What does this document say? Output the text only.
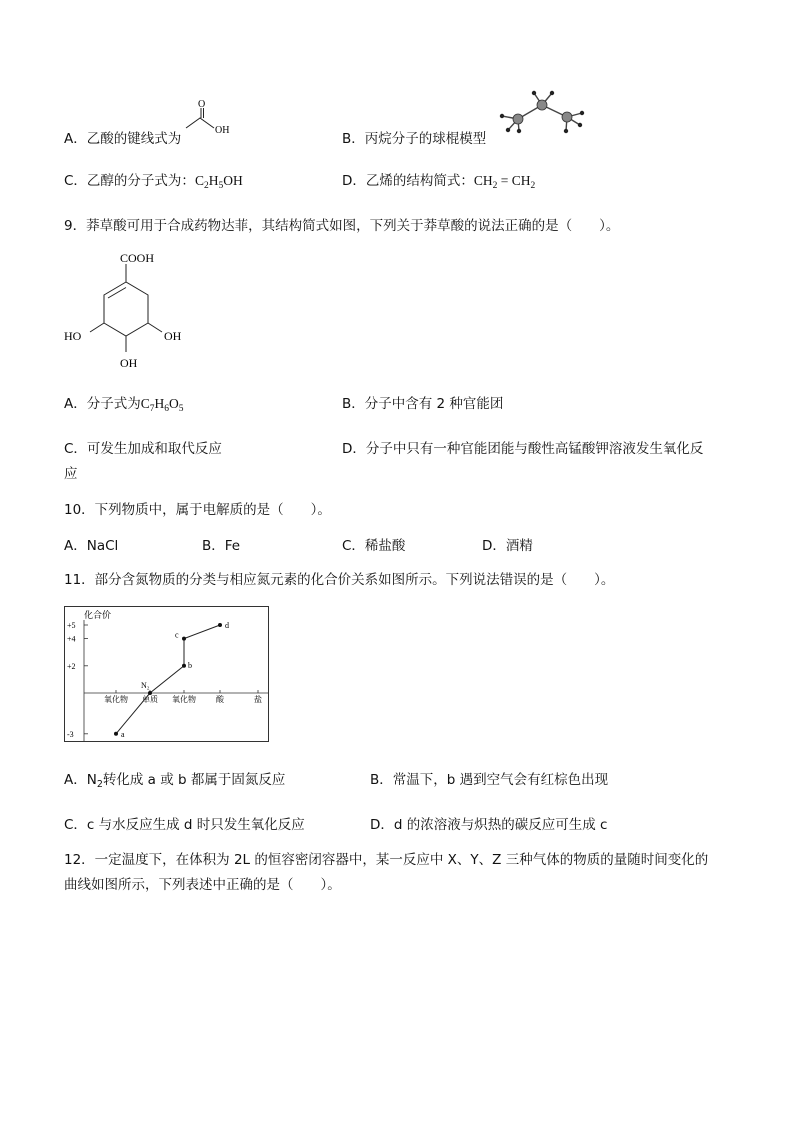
A．乙酸的键线式为
O
OH
B．丙烷分子的球棍模型
C．乙醇的分子式为：$C_2H_5OH$	D．乙烯的结构简式：$CH_2 = CH_2$
9．莽草酸可用于合成药物达菲，其结构简式如图，下列关于莽草酸的说法正确的是（　　）。
COOH
HO	OH
OH
A．分子式为$C_7H_6O_5$	B．分子中含有 2 种官能团
C．可发生加成和取代反应	D．分子中只有一种官能团能与酸性高锰酸钾溶液发生氧化反
应
10．下列物质中，属于电解质的是（　　）。
A．NaCl	B．Fe	C．稀盐酸	D．酒精
11．部分含氮物质的分类与相应氮元素的化合价关系如图所示。下列说法错误的是（　　）。
化合价
+5
+4
+2
-3
氧化物 单质 氧化物	酸	盐
a
N₂
b
c
d
A．$N_2$转化成 a 或 b 都属于固氮反应	B．常温下，b 遇到空气会有红棕色出现
C．c 与水反应生成 d 时只发生氧化反应	D．d 的浓溶液与炽热的碳反应可生成 c
12．一定温度下，在体积为 2L 的恒容密闭容器中，某一反应中 X、Y、Z 三种气体的物质的量随时间变化的
曲线如图所示，下列表述中正确的是（　　）。
